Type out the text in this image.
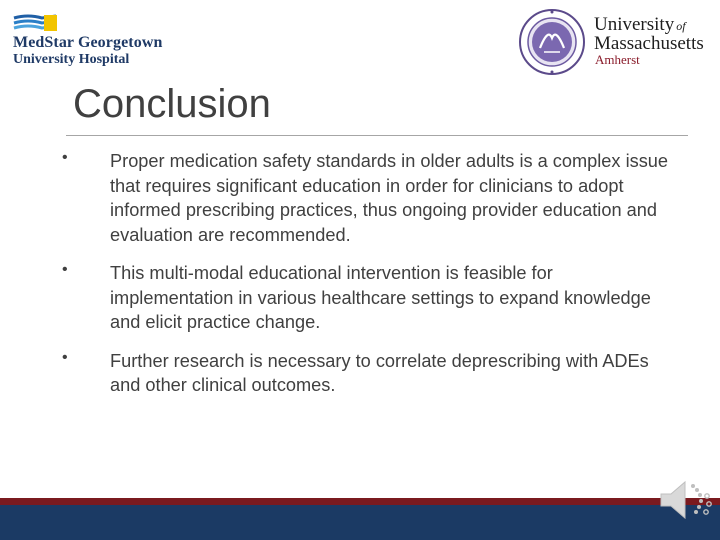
MedStar Georgetown
University Hospital
University of
Massachusetts
Amherst
Conclusion
•	Proper medication safety standards in older adults is a complex issue that requires significant education in order for clinicians to adopt informed prescribing practices, thus ongoing provider education and evaluation are recommended.
•	This multi-modal educational intervention is feasible for implementation in various healthcare settings to expand knowledge and elicit practice change.
•	Further research is necessary to correlate deprescribing with ADEs and other clinical outcomes.
